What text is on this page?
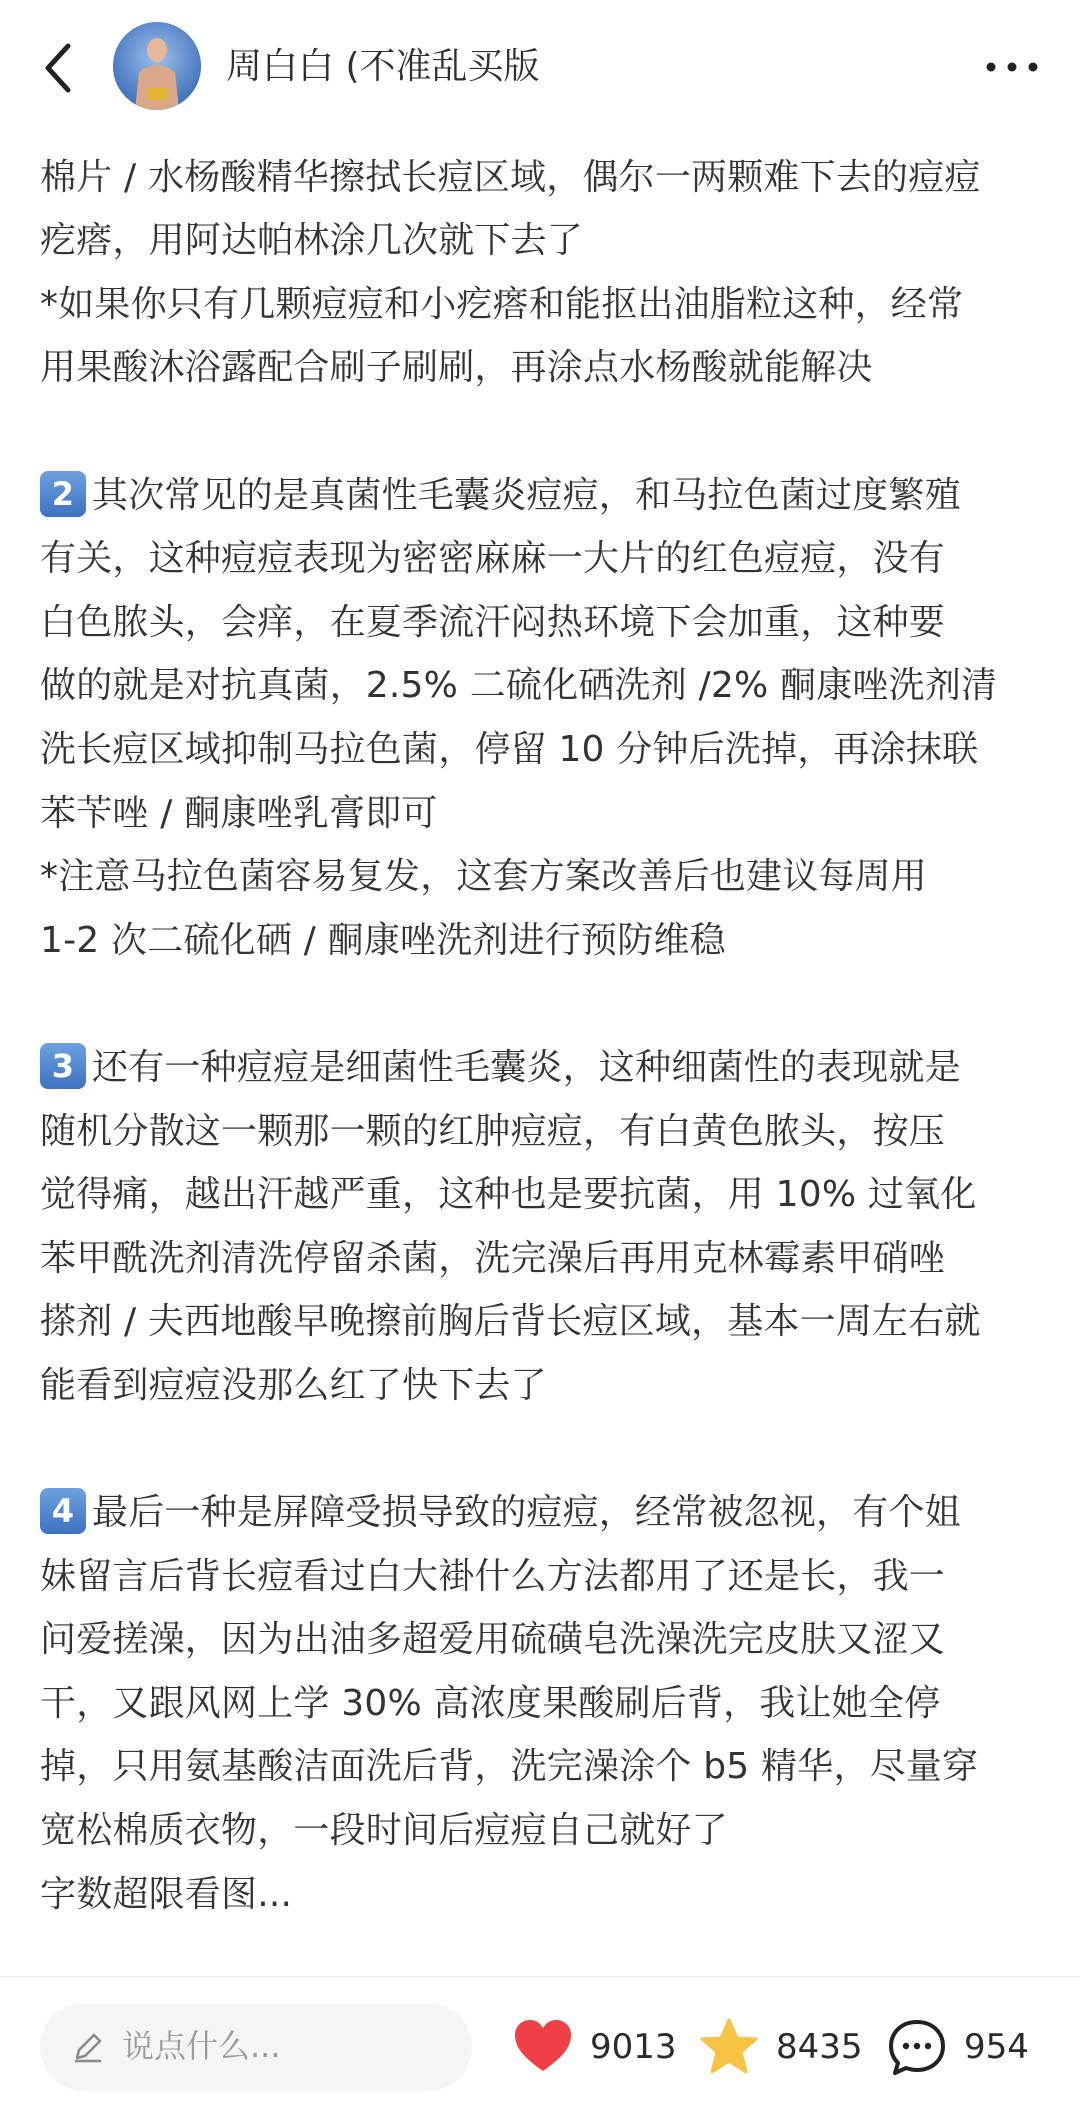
周白白 (不准乱买版
棉片 / 水杨酸精华擦拭长痘区域，偶尔一两颗难下去的痘痘
疙瘩，用阿达帕林涂几次就下去了
*如果你只有几颗痘痘和小疙瘩和能抠出油脂粒这种，经常
用果酸沐浴露配合刷子刷刷，再涂点水杨酸就能解决
2 其次常见的是真菌性毛囊炎痘痘，和马拉色菌过度繁殖
有关，这种痘痘表现为密密麻麻一大片的红色痘痘，没有
白色脓头，会痒，在夏季流汗闷热环境下会加重，这种要
做的就是对抗真菌，2.5% 二硫化硒洗剂 /2% 酮康唑洗剂清
洗长痘区域抑制马拉色菌，停留 10 分钟后洗掉，再涂抹联
苯苄唑 / 酮康唑乳膏即可
*注意马拉色菌容易复发，这套方案改善后也建议每周用
1-2 次二硫化硒 / 酮康唑洗剂进行预防维稳
3 还有一种痘痘是细菌性毛囊炎，这种细菌性的表现就是
随机分散这一颗那一颗的红肿痘痘，有白黄色脓头，按压
觉得痛，越出汗越严重，这种也是要抗菌，用 10% 过氧化
苯甲酰洗剂清洗停留杀菌，洗完澡后再用克林霉素甲硝唑
搽剂 / 夫西地酸早晚擦前胸后背长痘区域，基本一周左右就
能看到痘痘没那么红了快下去了
4 最后一种是屏障受损导致的痘痘，经常被忽视，有个姐
妹留言后背长痘看过白大褂什么方法都用了还是长，我一
问爱搓澡，因为出油多超爱用硫磺皂洗澡洗完皮肤又涩又
干，又跟风网上学 30% 高浓度果酸刷后背，我让她全停
掉，只用氨基酸洁面洗后背，洗完澡涂个 b5 精华，尽量穿
宽松棉质衣物，一段时间后痘痘自己就好了
字数超限看图...
说点什么...	9013	8435	954
